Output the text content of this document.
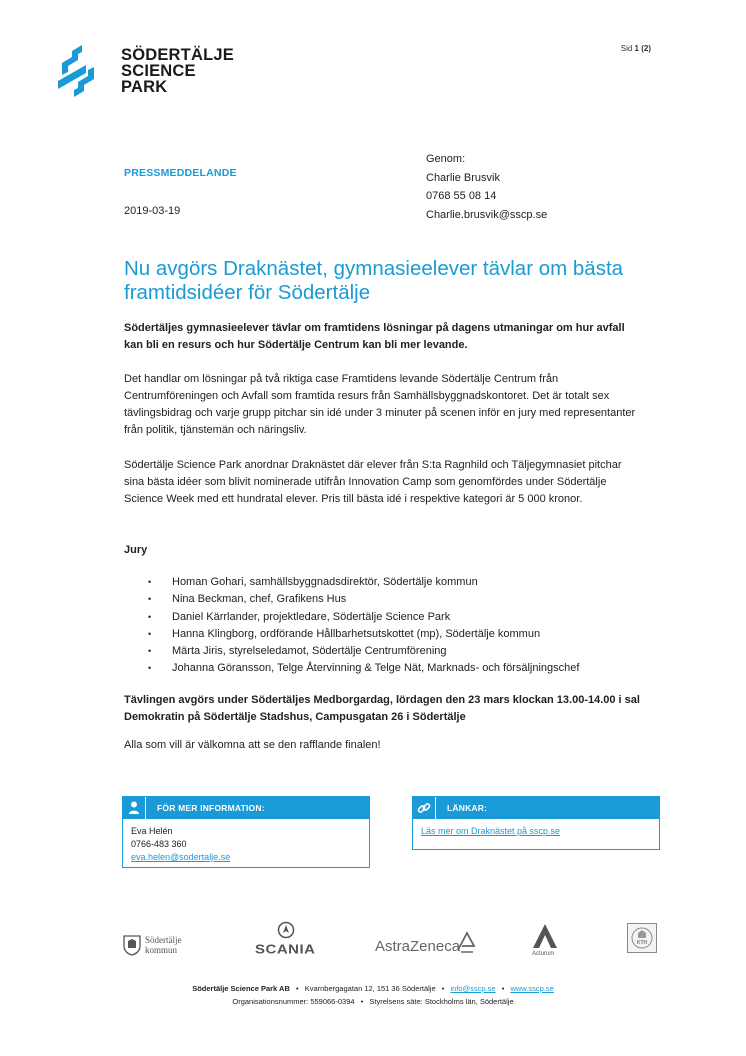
SÖDERTÄLJE
SCIENCE
PARK
Sid 1 (2)
PRESSMEDDELANDE
2019-03-19
Genom:
Charlie Brusvik
0768 55 08 14
Charlie.brusvik@sscp.se
Nu avgörs Draknästet, gymnasieelever tävlar om bästa framtidsidéer för Södertälje
Södertäljes gymnasieelever tävlar om framtidens lösningar på dagens utmaningar om hur avfall kan bli en resurs och hur Södertälje Centrum kan bli mer levande.
Det handlar om lösningar på två riktiga case Framtidens levande Södertälje Centrum från Centrumföreningen och Avfall som framtida resurs från Samhällsbyggnadskontoret. Det är totalt sex tävlingsbidrag och varje grupp pitchar sin idé under 3 minuter på scenen inför en jury med representanter från politik, tjänstemän och näringsliv.
Södertälje Science Park anordnar Draknästet där elever från S:ta Ragnhild och Täljegymnasiet pitchar sina bästa idéer som blivit nominerade utifrån Innovation Camp som genomfördes under Södertälje Science Week med ett hundratal elever. Pris till bästa idé i respektive kategori är 5 000 kronor.
Jury
• Homan Gohari, samhällsbyggnadsdirektör, Södertälje kommun
• Nina Beckman, chef, Grafikens Hus
• Daniel Kärrlander, projektledare, Södertälje Science Park
• Hanna Klingborg, ordförande Hållbarhetsutskottet (mp), Södertälje kommun
• Märta Jiris, styrelseledamot, Södertälje Centrumförening
• Johanna Göransson, Telge Återvinning & Telge Nät, Marknads- och försäljningschef
Tävlingen avgörs under Södertäljes Medborgardag, lördagen den 23 mars klockan 13.00-14.00 i sal Demokratin på Södertälje Stadshus, Campusgatan 26 i Södertälje
Alla som vill är välkomna att se den rafflande finalen!
FÖR MER INFORMATION:
Eva Helén
0766-483 360
eva.helen@sodertalje.se
LÄNKAR:
Läs mer om Draknästet på sscp.se
Södertälje
kommun	SCANIA	AstraZeneca	Acturum
KTH
Södertälje Science Park AB • Kvarnbergagatan 12, 151 36 Södertälje • info@sscp.se • www.sscp.se
Organisationsnummer: 559066-0394 • Styrelsens säte: Stockholms län, Södertälje
